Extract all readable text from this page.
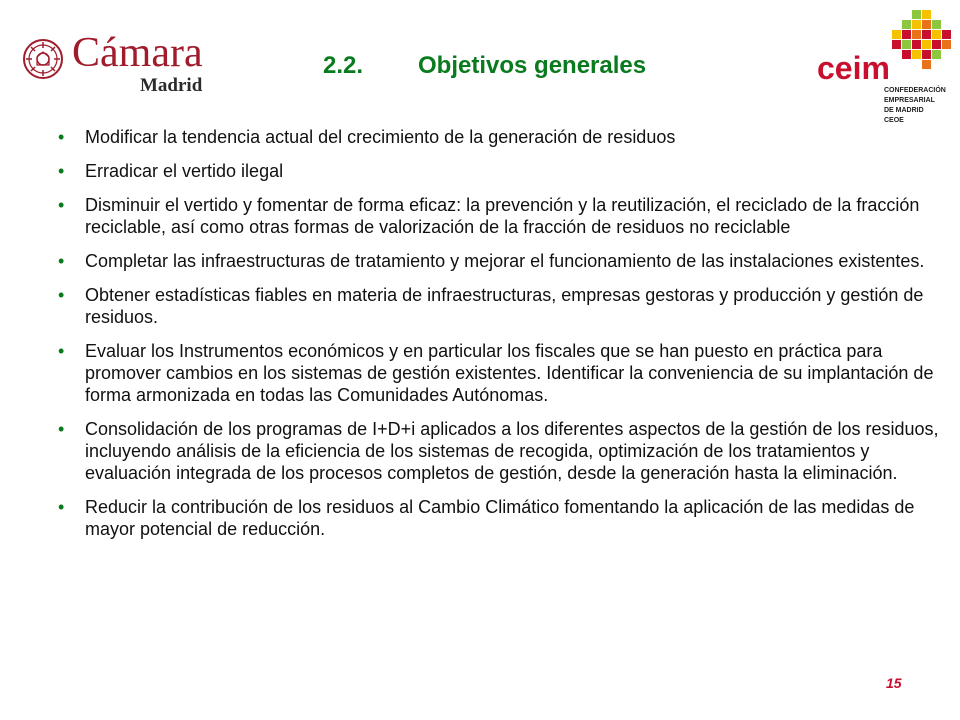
Cámara
Madrid
2.2. Objetivos generales	ceim
CONFEDERACIÓN
EMPRESARIAL
DE MADRID
CEOE
• Modificar la tendencia actual del crecimiento de la generación de residuos
• Erradicar el vertido ilegal
• Disminuir el vertido y fomentar de forma eficaz: la prevención y la reutilización, el reciclado de la fracción reciclable, así como otras formas de valorización de la fracción de residuos no reciclable
• Completar las infraestructuras de tratamiento y mejorar el funcionamiento de las instalaciones existentes.
• Obtener estadísticas fiables en materia de infraestructuras, empresas gestoras y producción y gestión de residuos.
• Evaluar los Instrumentos económicos y en particular los fiscales que se han puesto en práctica para promover cambios en los sistemas de gestión existentes. Identificar la conveniencia de su implantación de forma armonizada en todas las Comunidades Autónomas.
• Consolidación de los programas de I+D+i aplicados a los diferentes aspectos de la gestión de los residuos, incluyendo análisis de la eficiencia de los sistemas de recogida, optimización de los tratamientos y evaluación integrada de los procesos completos de gestión, desde la generación hasta la eliminación.
• Reducir la contribución de los residuos al Cambio Climático fomentando la aplicación de las medidas de mayor potencial de reducción.
15
